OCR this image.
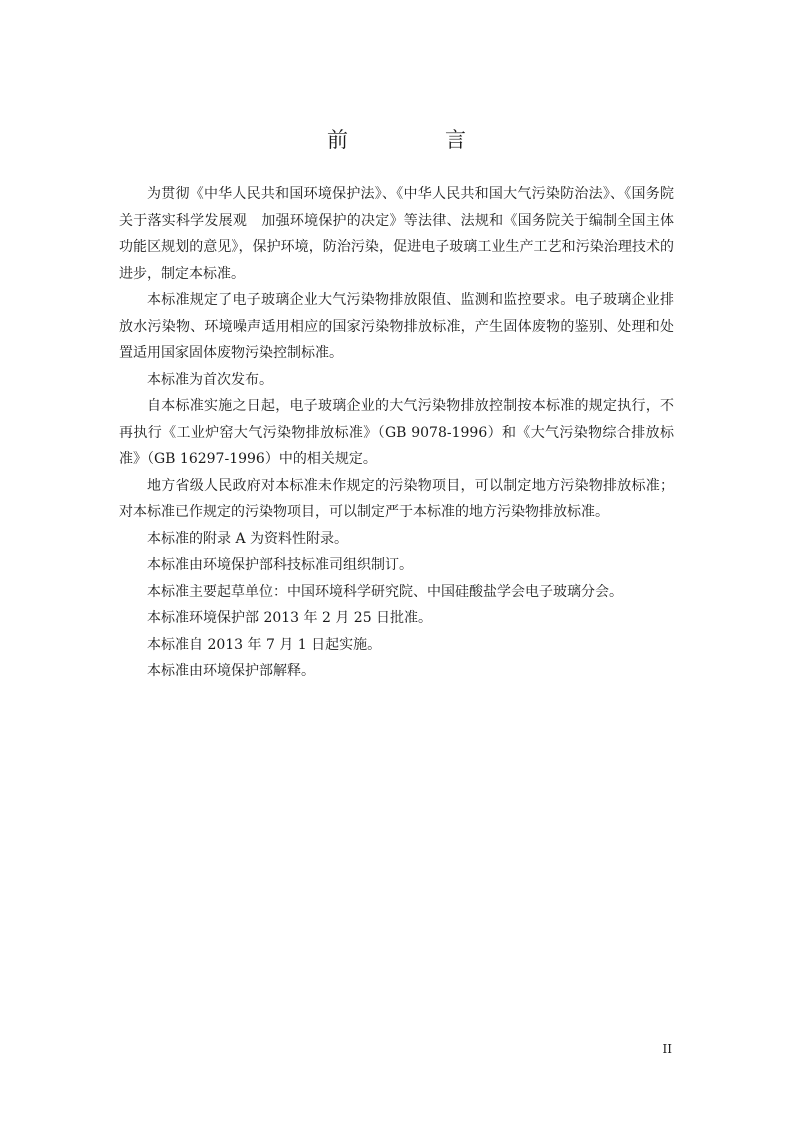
前　言

为贯彻《中华人民共和国环境保护法》、《中华人民共和国大气污染防治法》、《国务院关于落实科学发展观　加强环境保护的决定》等法律、法规和《国务院关于编制全国主体功能区规划的意见》，保护环境，防治污染，促进电子玻璃工业生产工艺和污染治理技术的进步，制定本标准。

本标准规定了电子玻璃企业大气污染物排放限值、监测和监控要求。电子玻璃企业排放水污染物、环境噪声适用相应的国家污染物排放标准，产生固体废物的鉴别、处理和处置适用国家固体废物污染控制标准。

本标准为首次发布。

自本标准实施之日起，电子玻璃企业的大气污染物排放控制按本标准的规定执行，不再执行《工业炉窑大气污染物排放标准》（GB 9078-1996）和《大气污染物综合排放标准》（GB 16297-1996）中的相关规定。

地方省级人民政府对本标准未作规定的污染物项目，可以制定地方污染物排放标准；对本标准已作规定的污染物项目，可以制定严于本标准的地方污染物排放标准。

本标准的附录 A 为资料性附录。

本标准由环境保护部科技标准司组织制订。

本标准主要起草单位：中国环境科学研究院、中国硅酸盐学会电子玻璃分会。

本标准环境保护部 2013 年 2 月 25 日批准。

本标准自 2013 年 7 月 1 日起实施。

本标准由环境保护部解释。

II
